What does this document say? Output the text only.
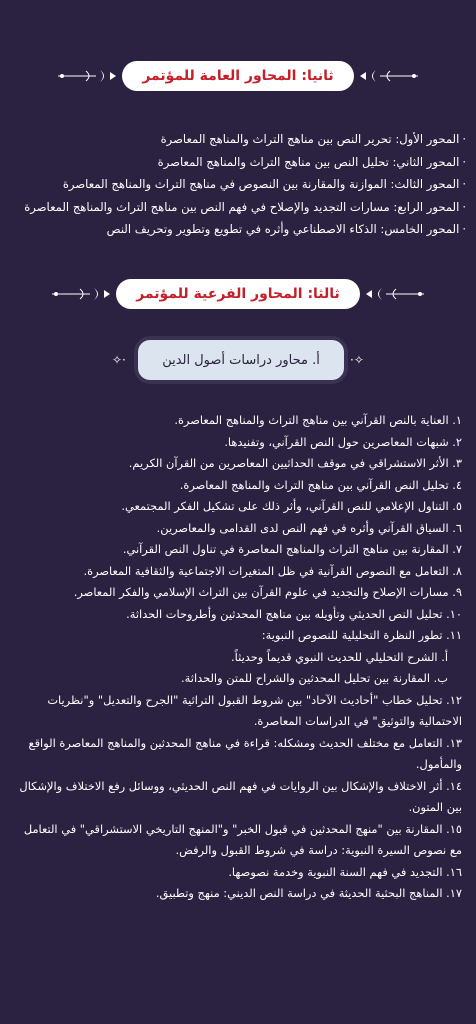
ثانيا: المحاور العامة للمؤتمر
·المحور الأول: تحرير النص بين مناهج التراث والمناهج المعاصرة
·المحور الثاني: تحليل النص بين مناهج التراث والمناهج المعاصرة
·المحور الثالث: الموازنة والمقارنة بين النصوص في مناهج التراث والمناهج المعاصرة
·المحور الرابع: مسارات التجديد والإصلاح في فهم النص بين مناهج التراث والمناهج المعاصرة
·المحور الخامس: الذكاء الاصطناعي وأثره في تطويع وتطوير وتحريف النص
ثالثا: المحاور الفرعية للمؤتمر
✧·	أ. محاور دراسات أصول الدين	·✧

١. العناية بالنص القرآني بين مناهج التراث والمناهج المعاصرة.

٢. شبهات المعاصرين حول النص القرآني، وتفنيدها.

٣. الأثر الاستشراقي في موقف الحداثيين المعاصرين من القرآن الكريم.

٤. تحليل النص القرآني بين مناهج التراث والمناهج المعاصرة.

٥. التناول الإعلامي للنص القرآني، وأثر ذلك على تشكيل الفكر المجتمعي.

٦. السياق القرآني وأثره في فهم النص لدى القدامى والمعاصرين.

٧. المقارنة بين مناهج التراث والمناهج المعاصرة في تناول النص القرآني.

٨. التعامل مع النصوص القرآنية في ظل المتغيرات الاجتماعية والثقافية المعاصرة.

٩. مسارات الإصلاح والتجديد في علوم القرآن بين التراث الإسلامي والفكر المعاصر.

١٠. تحليل النص الحديثي وتأويله بين مناهج المحدثين وأطروحات الحداثة.

١١. تطور النظرة التحليلية للنصوص النبوية:

أ. الشرح التحليلي للحديث النبوي قديماً وحديثاً.

ب. المقارنة بين تحليل المحدثين والشراح للمتن والحداثة.

١٢. تحليل خطاب "أحاديث الآحاد" بين شروط القبول التراثية "الجرح والتعديل" و"نظريات الاحتمالية والتوثيق" في الدراسات المعاصرة.

١٣. التعامل مع مختلف الحديث ومشكله: قراءة في مناهج المحدثين والمناهج المعاصرة الواقع والمأمول.

١٤. أثر الاختلاف والإشكال بين الروايات في فهم النص الحديثي، ووسائل رفع الاختلاف والإشكال بين المتون.

١٥. المقارنة بين "منهج المحدثين في قبول الخبر" و"المنهج التاريخي الاستشراقي" في التعامل مع نصوص السيرة النبوية: دراسة في شروط القبول والرفض.

١٦. التجديد في فهم السنة النبوية وخدمة نصوصها.

١٧. المناهج البحثية الحديثة في دراسة النص الديني: منهج وتطبيق.
